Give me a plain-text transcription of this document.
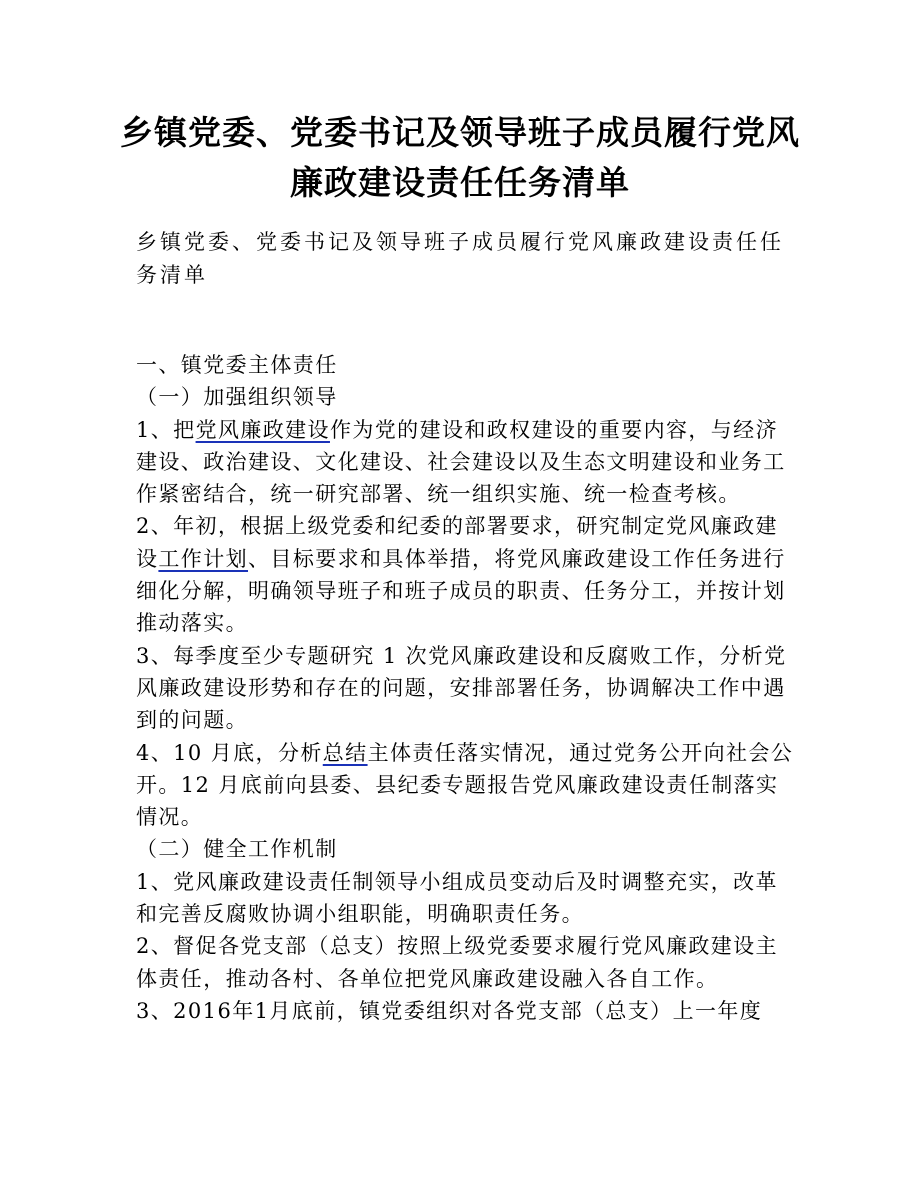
乡镇党委、党委书记及领导班子成员履行党风廉政建设责任任务清单

乡镇党委、党委书记及领导班子成员履行党风廉政建设责任任务清单

一、镇党委主体责任

（一）加强组织领导

1、把党风廉政建设作为党的建设和政权建设的重要内容，与经济建设、政治建设、文化建设、社会建设以及生态文明建设和业务工作紧密结合，统一研究部署、统一组织实施、统一检查考核。

2、年初，根据上级党委和纪委的部署要求，研究制定党风廉政建设工作计划、目标要求和具体举措，将党风廉政建设工作任务进行细化分解，明确领导班子和班子成员的职责、任务分工，并按计划推动落实。

3、每季度至少专题研究 1 次党风廉政建设和反腐败工作，分析党风廉政建设形势和存在的问题，安排部署任务，协调解决工作中遇到的问题。

4、10 月底，分析总结主体责任落实情况，通过党务公开向社会公开。12 月底前向县委、县纪委专题报告党风廉政建设责任制落实情况。

（二）健全工作机制

1、党风廉政建设责任制领导小组成员变动后及时调整充实，改革和完善反腐败协调小组职能，明确职责任务。

2、督促各党支部（总支）按照上级党委要求履行党风廉政建设主体责任，推动各村、各单位把党风廉政建设融入各自工作。

3、2016年1月底前，镇党委组织对各党支部（总支）上一年度
